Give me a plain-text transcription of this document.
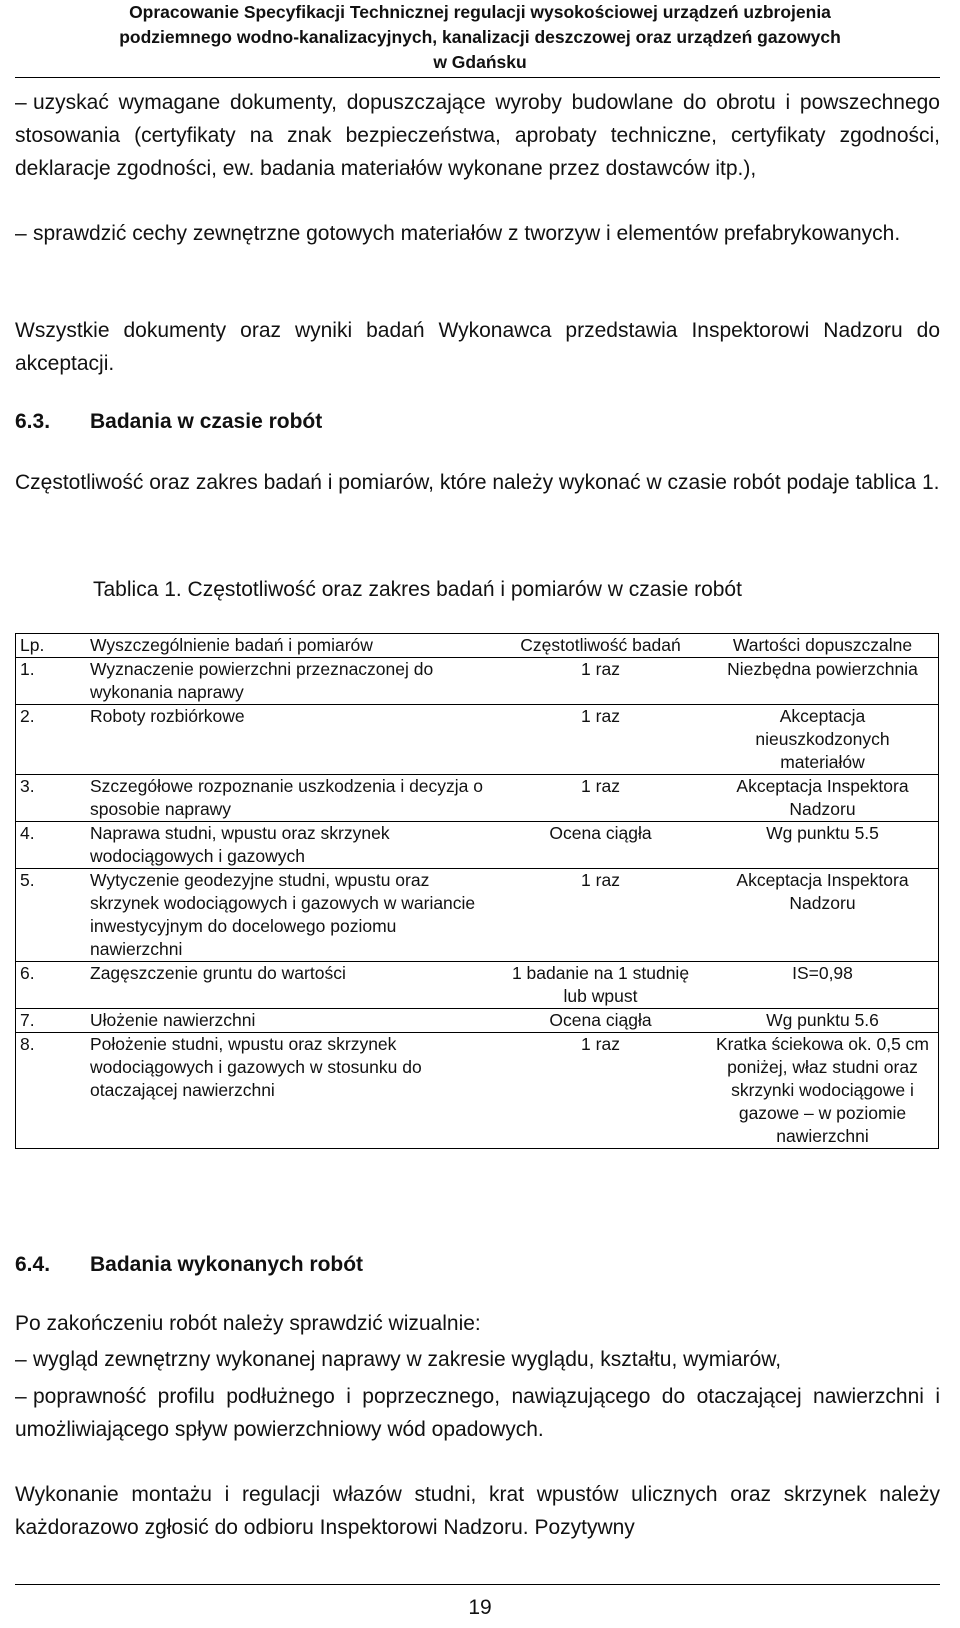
Opracowanie Specyfikacji Technicznej regulacji wysokościowej urządzeń uzbrojenia
podziemnego wodno-kanalizacyjnych, kanalizacji deszczowej oraz urządzeń gazowych
w Gdańsku
– uzyskać wymagane dokumenty, dopuszczające wyroby budowlane do obrotu i powszechnego stosowania (certyfikaty na znak bezpieczeństwa, aprobaty techniczne, certyfikaty zgodności, deklaracje zgodności, ew. badania materiałów wykonane przez dostawców itp.),
– sprawdzić cechy zewnętrzne gotowych materiałów z tworzyw i elementów prefabrykowanych.
Wszystkie dokumenty oraz wyniki badań Wykonawca przedstawia Inspektorowi Nadzoru do akceptacji.
6.3. Badania w czasie robót
Częstotliwość oraz zakres badań i pomiarów, które należy wykonać w czasie robót podaje tablica 1.
Tablica 1. Częstotliwość oraz zakres badań i pomiarów w czasie robót
Lp.	Wyszczególnienie badań i pomiarów	Częstotliwość badań	Wartości dopuszczalne
1.	Wyznaczenie powierzchni przeznaczonej do wykonania naprawy	1 raz	Niezbędna powierzchnia
2.	Roboty rozbiórkowe	1 raz	Akceptacja nieuszkodzonych materiałów
3.	Szczegółowe rozpoznanie uszkodzenia i decyzja o sposobie naprawy	1 raz	Akceptacja Inspektora Nadzoru
4.	Naprawa studni, wpustu oraz skrzynek wodociągowych i gazowych	Ocena ciągła	Wg punktu 5.5
5.	Wytyczenie geodezyjne studni, wpustu oraz skrzynek wodociągowych i gazowych w wariancie inwestycyjnym do docelowego poziomu nawierzchni	1 raz	Akceptacja Inspektora Nadzoru
6.	Zagęszczenie gruntu do wartości	1 badanie na 1 studnię lub wpust	IS=0,98
7.	Ułożenie nawierzchni	Ocena ciągła	Wg punktu 5.6
8.	Położenie studni, wpustu oraz skrzynek wodociągowych i gazowych w stosunku do otaczającej nawierzchni	1 raz	Kratka ściekowa ok. 0,5 cm poniżej, właz studni oraz skrzynki wodociągowe i gazowe – w poziomie nawierzchni
6.4. Badania wykonanych robót
Po zakończeniu robót należy sprawdzić wizualnie:
– wygląd zewnętrzny wykonanej naprawy w zakresie wyglądu, kształtu, wymiarów,
– poprawność profilu podłużnego i poprzecznego, nawiązującego do otaczającej nawierzchni i umożliwiającego spływ powierzchniowy wód opadowych.
Wykonanie montażu i regulacji włazów studni, krat wpustów ulicznych oraz skrzynek należy każdorazowo zgłosić do odbioru Inspektorowi Nadzoru. Pozytywny
19
